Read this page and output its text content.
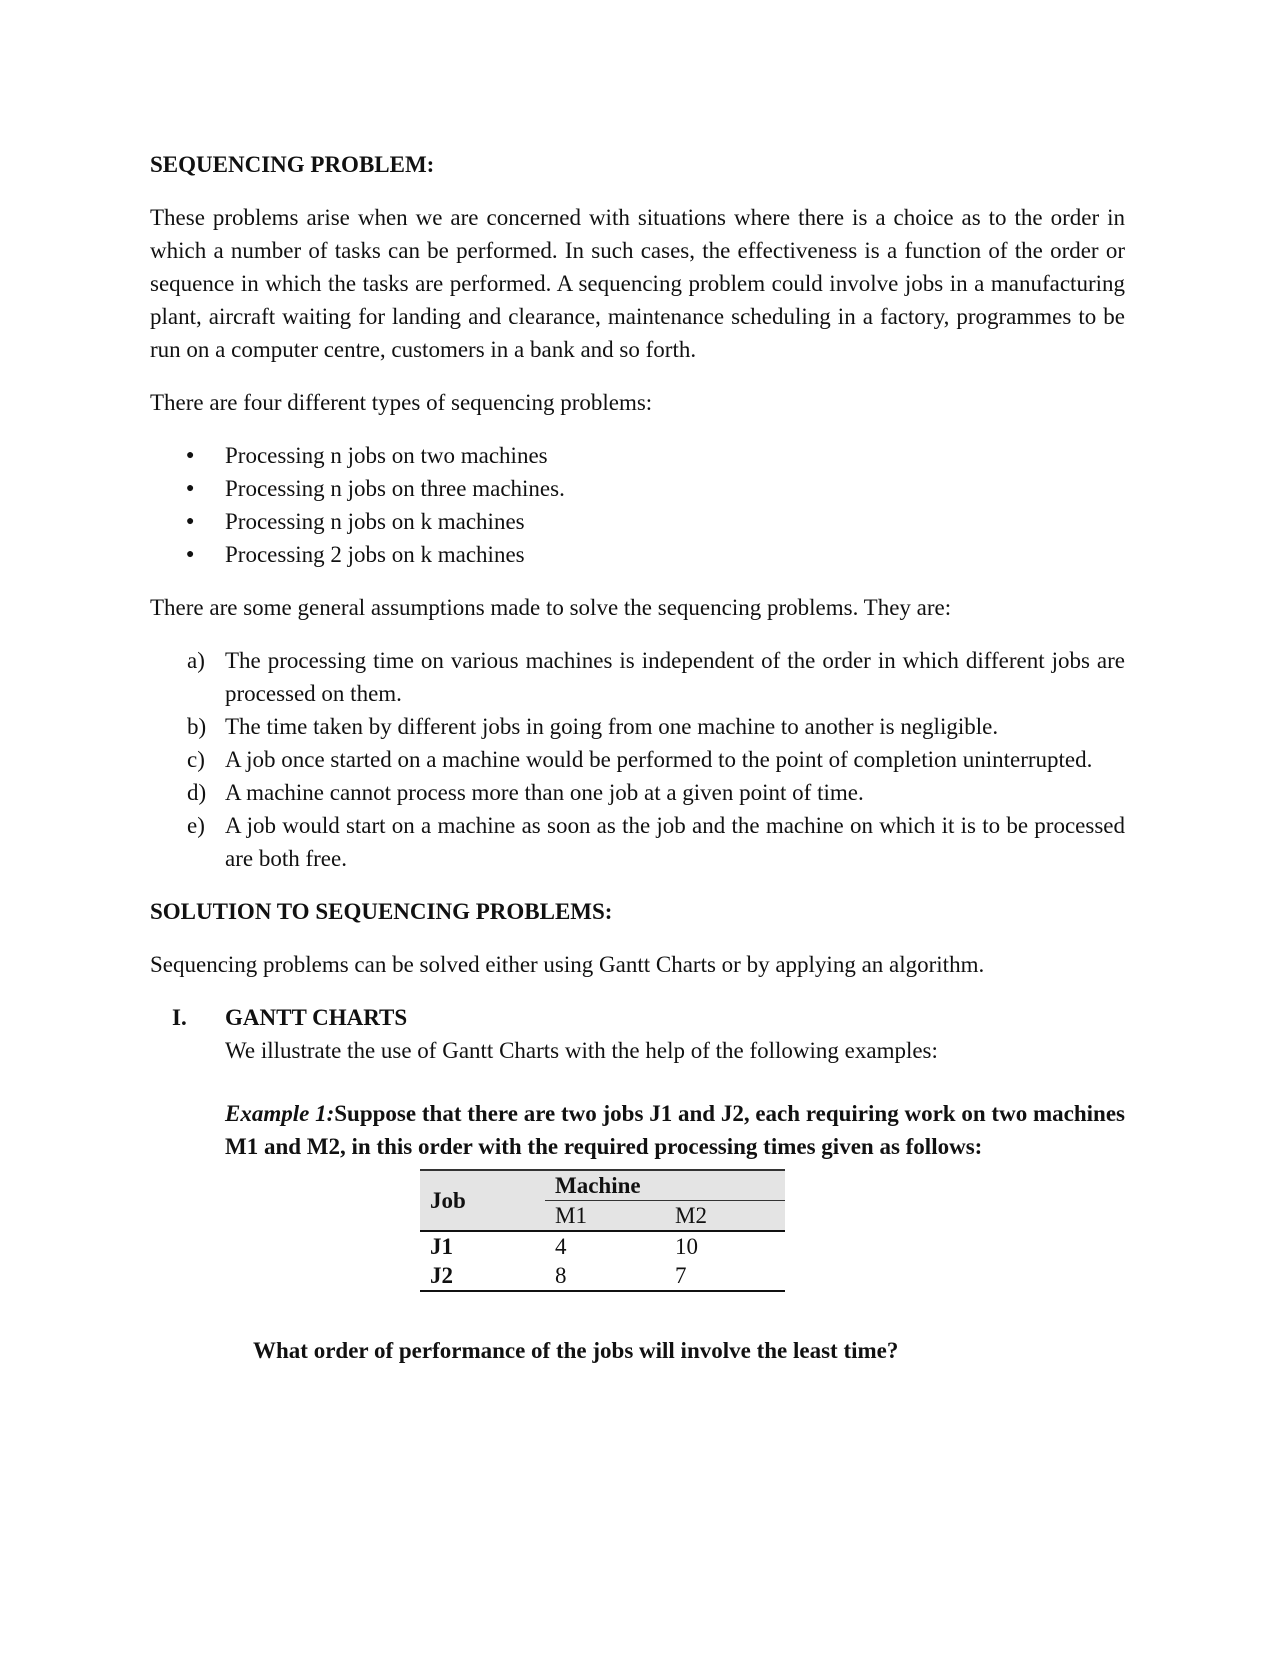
SEQUENCING PROBLEM:

These problems arise when we are concerned with situations where there is a choice as to the order in which a number of tasks can be performed. In such cases, the effectiveness is a function of the order or sequence in which the tasks are performed. A sequencing problem could involve jobs in a manufacturing plant, aircraft waiting for landing and clearance, maintenance scheduling in a factory, programmes to be run on a computer centre, customers in a bank and so forth.

There are four different types of sequencing problems:

● Processing n jobs on two machines
● Processing n jobs on three machines.
● Processing n jobs on k machines
● Processing 2 jobs on k machines

There are some general assumptions made to solve the sequencing problems. They are:

a) The processing time on various machines is independent of the order in which different jobs are processed on them.
b) The time taken by different jobs in going from one machine to another is negligible.
c) A job once started on a machine would be performed to the point of completion uninterrupted.
d) A machine cannot process more than one job at a given point of time.
e) A job would start on a machine as soon as the job and the machine on which it is to be processed are both free.
SOLUTION TO SEQUENCING PROBLEMS:

Sequencing problems can be solved either using Gantt Charts or by applying an algorithm.

I. GANTT CHARTS
We illustrate the use of Gantt Charts with the help of the following examples:
Example 1:Suppose that there are two jobs J1 and J2, each requiring work on two machines M1 and M2, in this order with the required processing times given as follows:
Job	Machine	
	M1	M2
J1	4	10
J2	8	7
What order of performance of the jobs will involve the least time?
